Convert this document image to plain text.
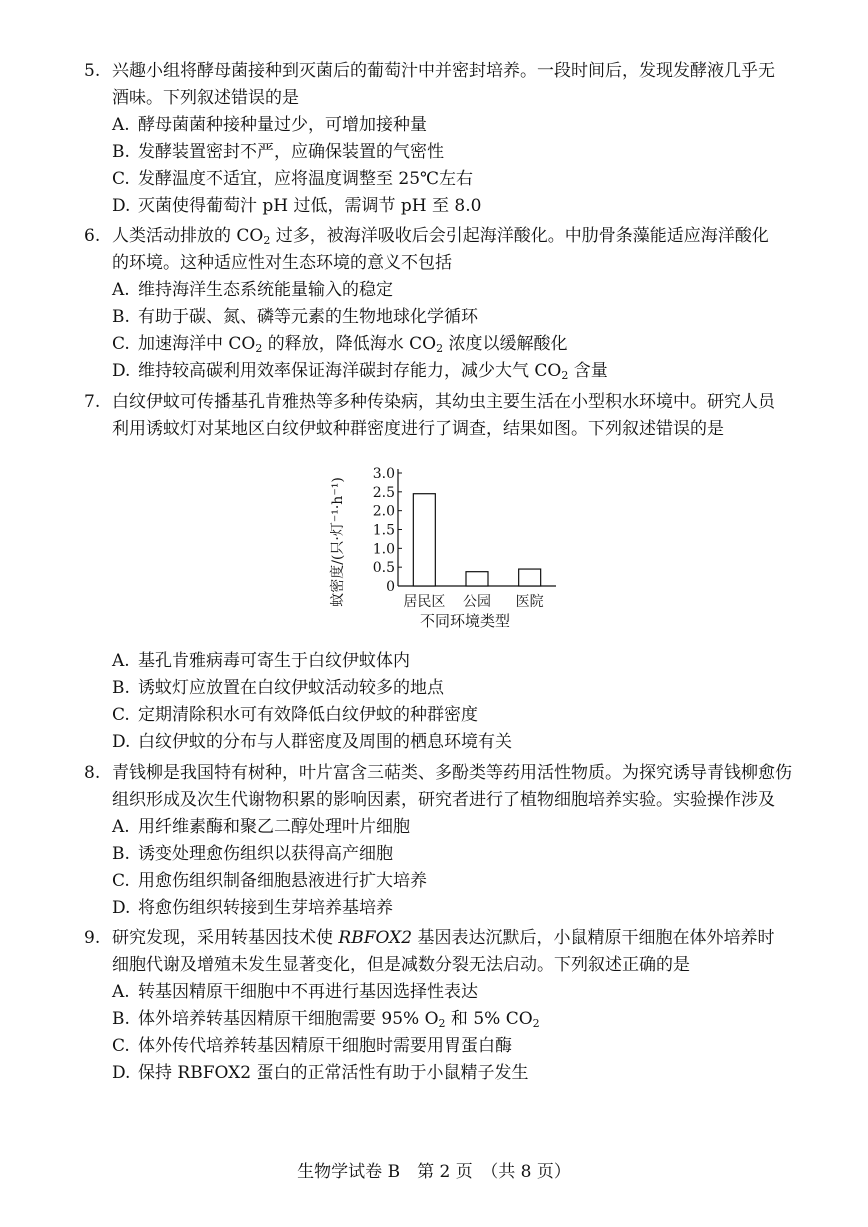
5. 兴趣小组将酵母菌接种到灭菌后的葡萄汁中并密封培养。一段时间后，发现发酵液几乎无
酒味。下列叙述错误的是
A. 酵母菌菌种接种量过少，可增加接种量
B. 发酵装置密封不严，应确保装置的气密性
C. 发酵温度不适宜，应将温度调整至 25℃左右
D. 灭菌使得葡萄汁 pH 过低，需调节 pH 至 8.0
6. 人类活动排放的 $CO_2$ 过多，被海洋吸收后会引起海洋酸化。中肋骨条藻能适应海洋酸化
的环境。这种适应性对生态环境的意义不包括
A. 维持海洋生态系统能量输入的稳定
B. 有助于碳、氮、磷等元素的生物地球化学循环
C. 加速海洋中 $CO_2$ 的释放，降低海水 $CO_2$ 浓度以缓解酸化
D. 维持较高碳利用效率保证海洋碳封存能力，减少大气 $CO_2$ 含量
7. 白纹伊蚊可传播基孔肯雅热等多种传染病，其幼虫主要生活在小型积水环境中。研究人员
利用诱蚊灯对某地区白纹伊蚊种群密度进行了调查，结果如图。下列叙述错误的是
蚊密度/(只·灯⁻¹·h⁻¹)	0
0.5
1.0
1.5
2.0
2.5
3.0
居民区 公园 医院
不同环境类型
A. 基孔肯雅病毒可寄生于白纹伊蚊体内
B. 诱蚊灯应放置在白纹伊蚊活动较多的地点
C. 定期清除积水可有效降低白纹伊蚊的种群密度
D. 白纹伊蚊的分布与人群密度及周围的栖息环境有关
8. 青钱柳是我国特有树种，叶片富含三萜类、多酚类等药用活性物质。为探究诱导青钱柳愈伤
组织形成及次生代谢物积累的影响因素，研究者进行了植物细胞培养实验。实验操作涉及
A. 用纤维素酶和聚乙二醇处理叶片细胞
B. 诱变处理愈伤组织以获得高产细胞
C. 用愈伤组织制备细胞悬液进行扩大培养
D. 将愈伤组织转接到生芽培养基培养
9. 研究发现，采用转基因技术使 RBFOX2 基因表达沉默后，小鼠精原干细胞在体外培养时
细胞代谢及增殖未发生显著变化，但是减数分裂无法启动。下列叙述正确的是
A. 转基因精原干细胞中不再进行基因选择性表达
B. 体外培养转基因精原干细胞需要 95% $O_2$ 和 5% $CO_2$
C. 体外传代培养转基因精原干细胞时需要用胃蛋白酶
D. 保持 RBFOX2 蛋白的正常活性有助于小鼠精子发生
生物学试卷 B　第 2 页　（共 8 页）
